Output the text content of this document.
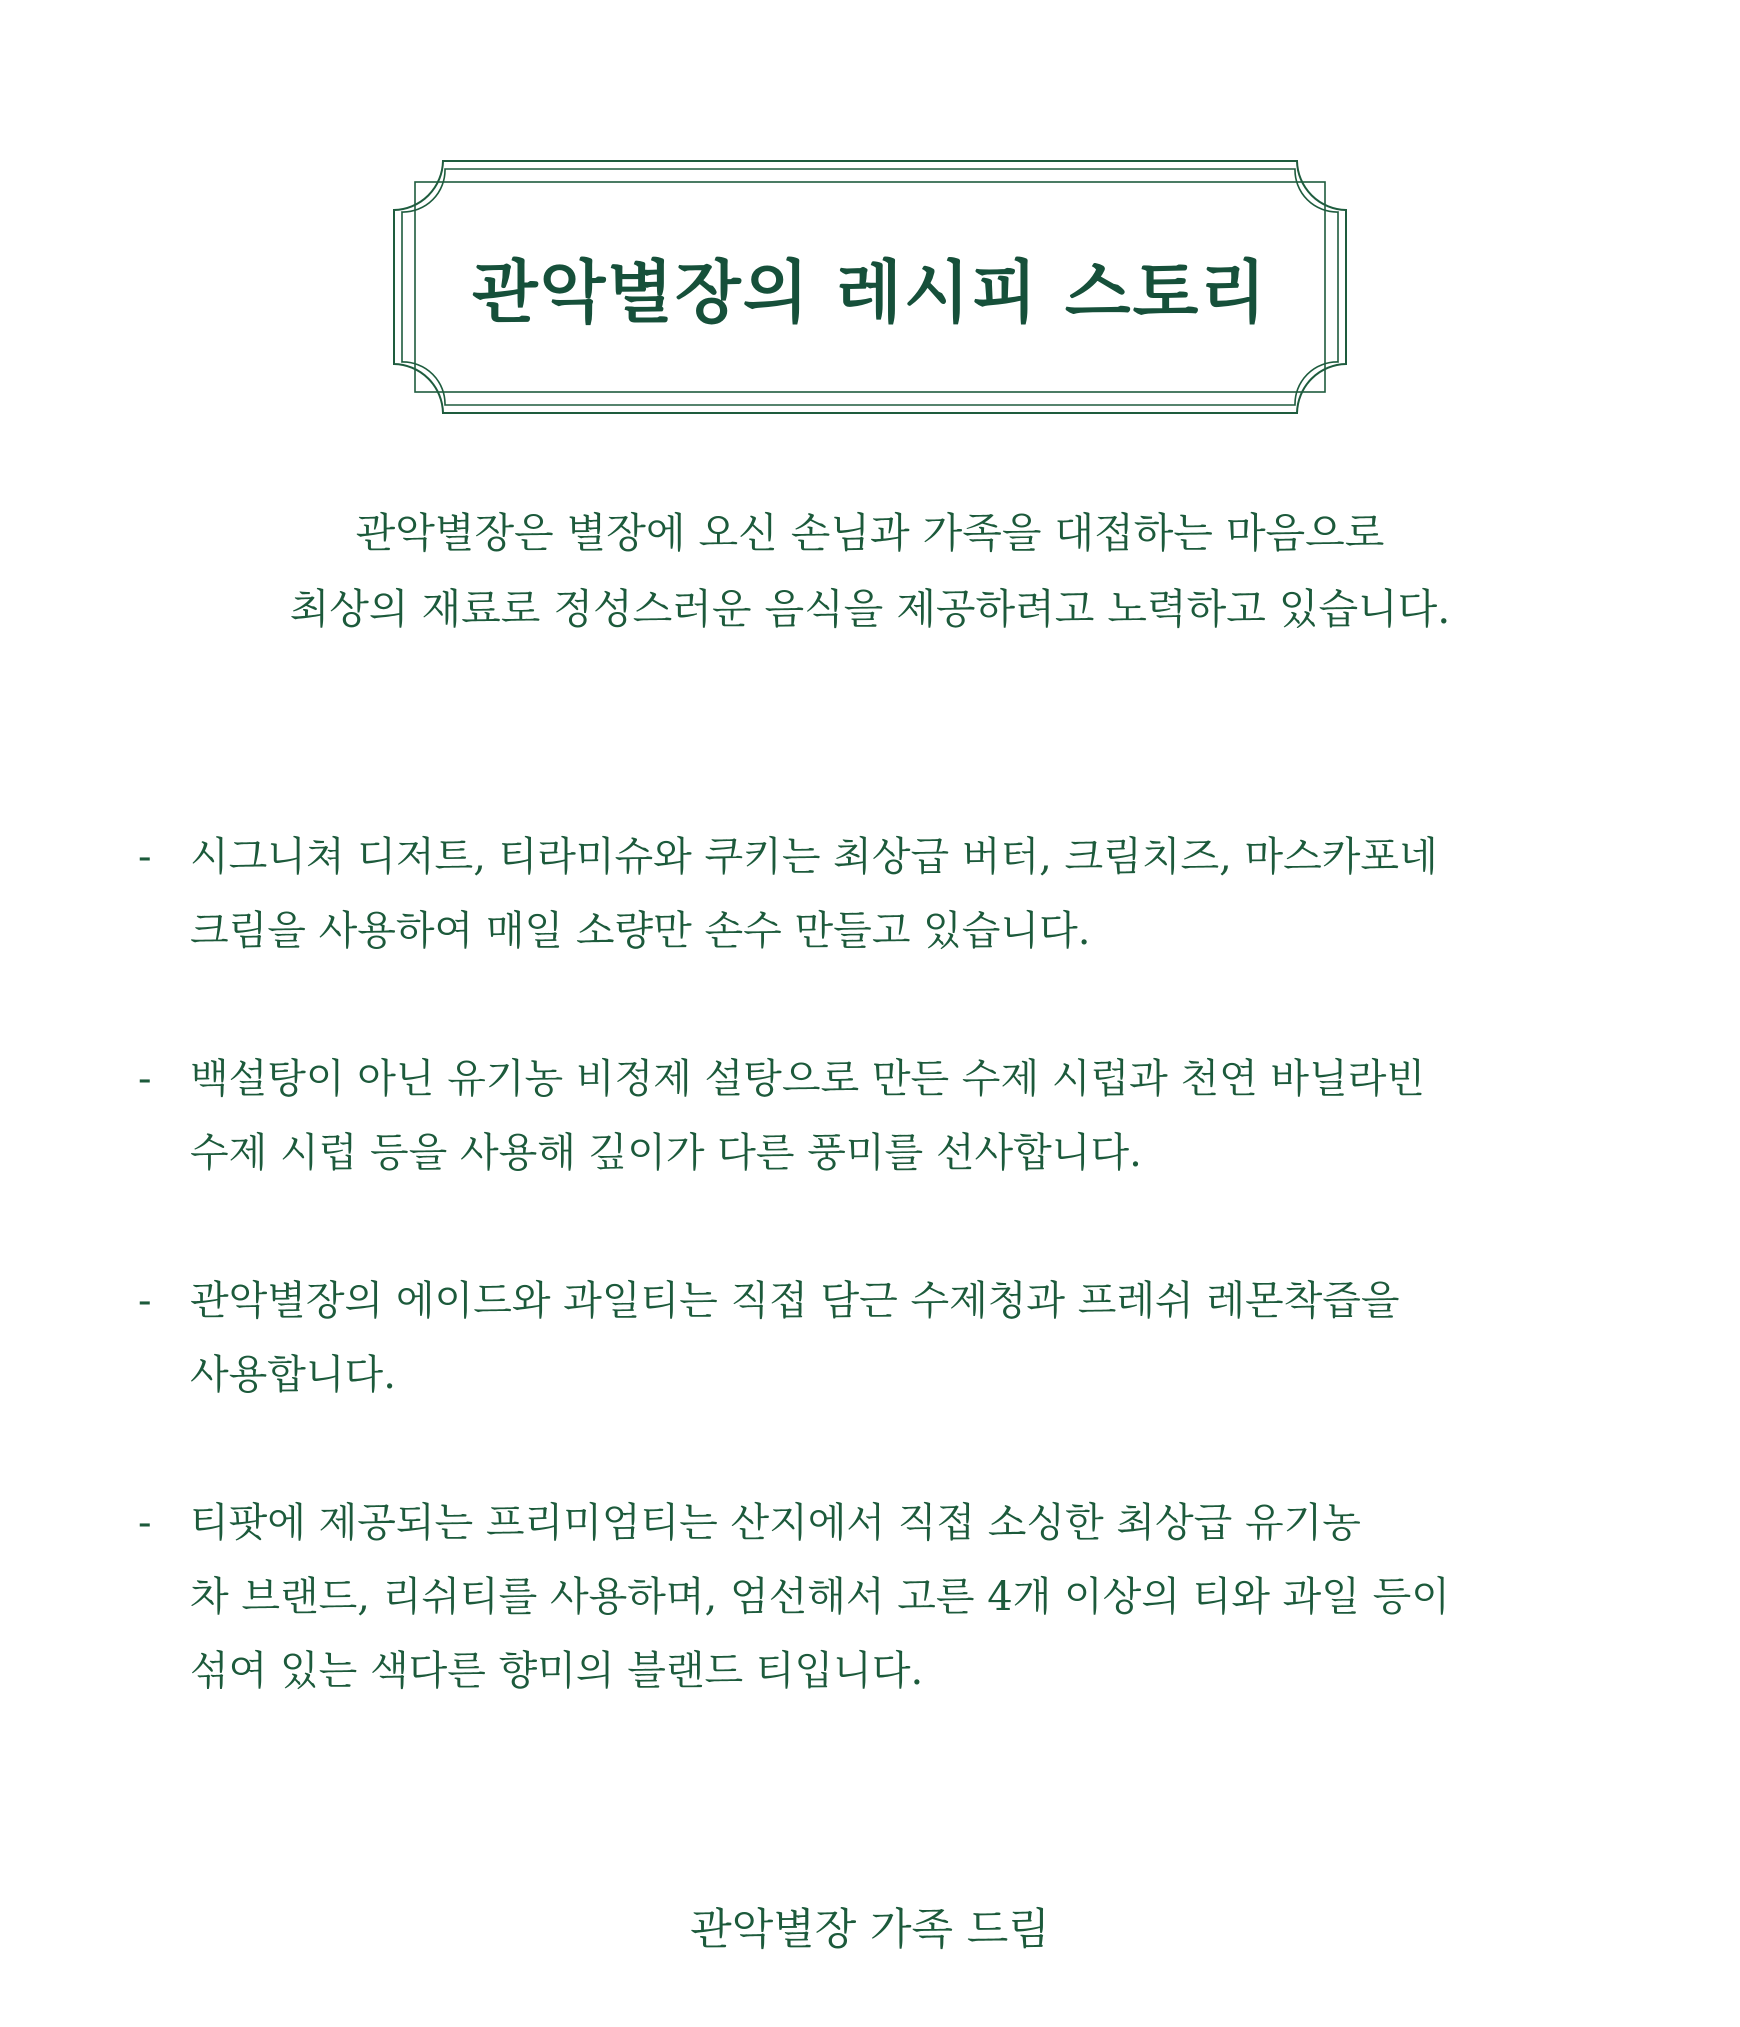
관악별장의 레시피 스토리

관악별장은 별장에 오신 손님과 가족을 대접하는 마음으로

최상의 재료로 정성스러운 음식을 제공하려고 노력하고 있습니다.

- 시그니쳐 디저트, 티라미슈와 쿠키는 최상급 버터, 크림치즈, 마스카포네

크림을 사용하여 매일 소량만 손수 만들고 있습니다.

- 백설탕이 아닌 유기농 비정제 설탕으로 만든 수제 시럽과 천연 바닐라빈

수제 시럽 등을 사용해 깊이가 다른 풍미를 선사합니다.

- 관악별장의 에이드와 과일티는 직접 담근 수제청과 프레쉬 레몬착즙을

사용합니다.

- 티팟에 제공되는 프리미엄티는 산지에서 직접 소싱한 최상급 유기농

차 브랜드, 리쉬티를 사용하며, 엄선해서 고른 4개 이상의 티와 과일 등이

섞여 있는 색다른 향미의 블랜드 티입니다.

관악별장 가족 드림
